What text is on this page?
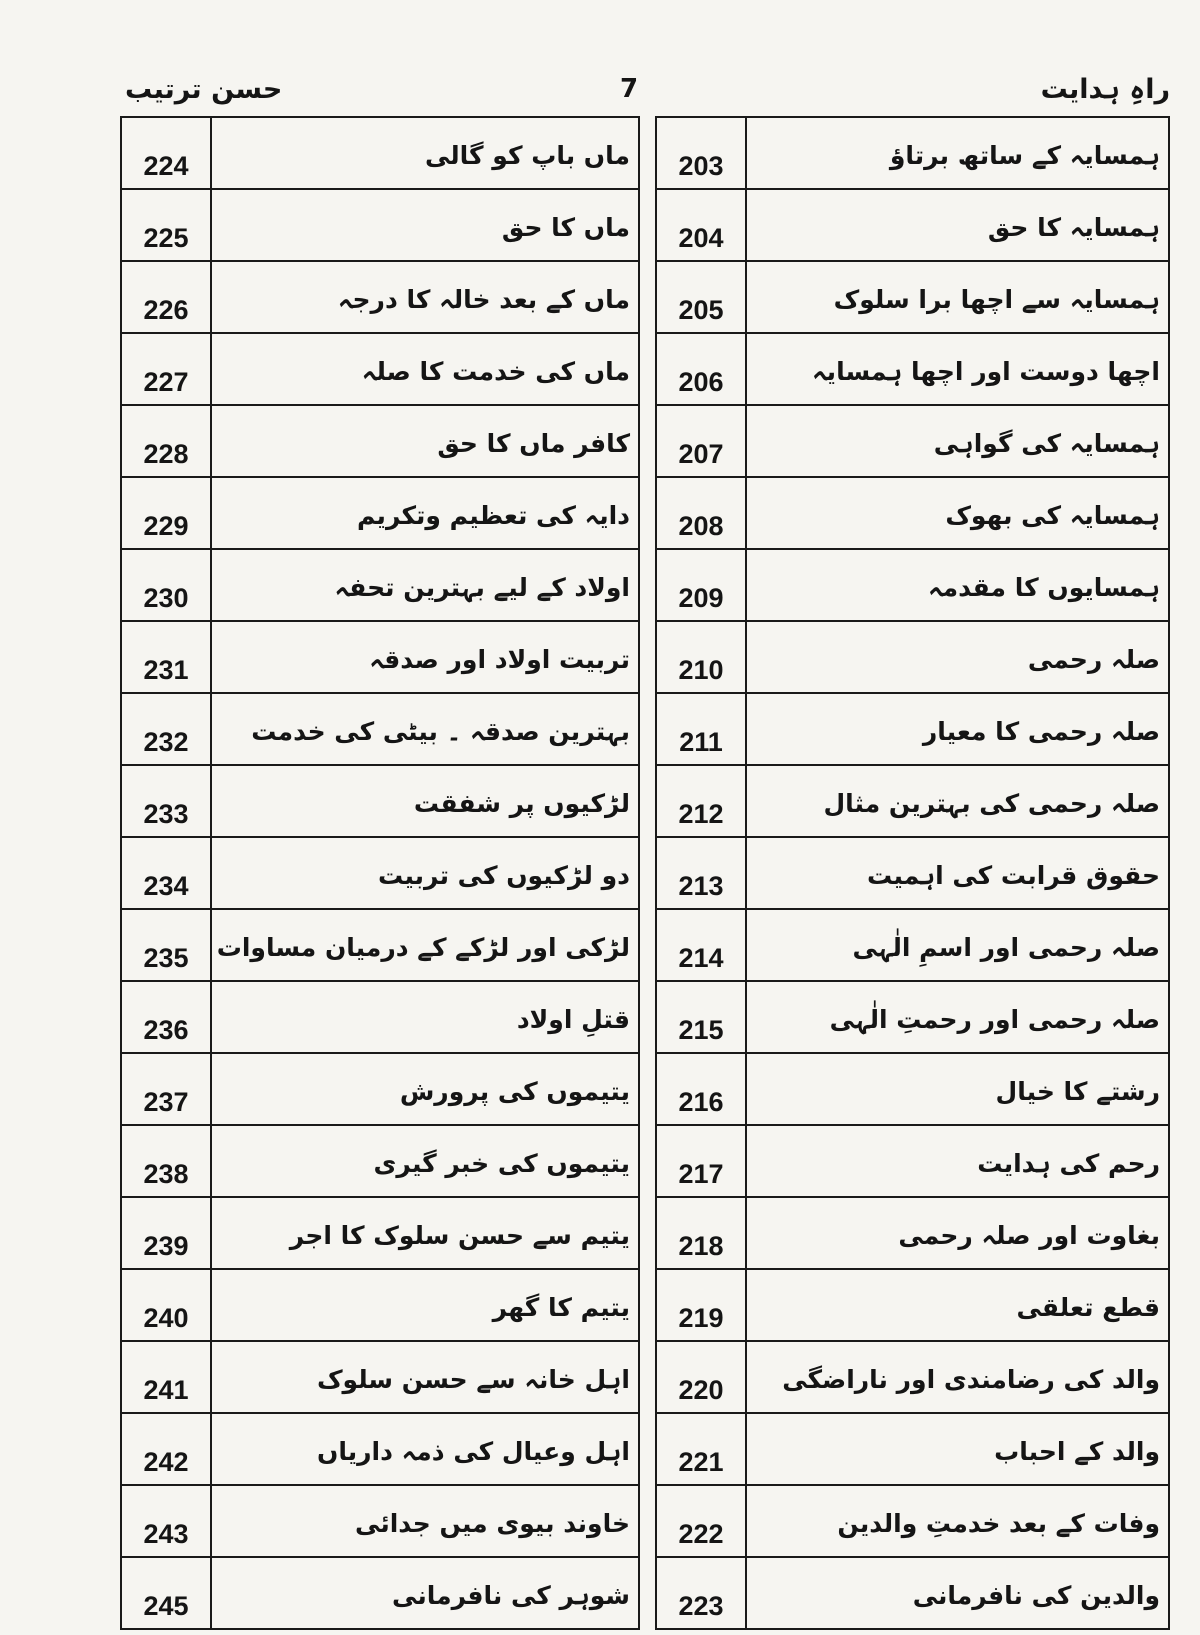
حسن ترتیب	7	راہِ ہدایت
224	ماں باپ کو گالی
225	ماں کا حق
226	ماں کے بعد خالہ کا درجہ
227	ماں کی خدمت کا صلہ
228	کافر ماں کا حق
229	دایہ کی تعظیم وتکریم
230	اولاد کے لیے بہترین تحفہ
231	تربیت اولاد اور صدقہ
232	بہترین صدقہ ۔ بیٹی کی خدمت
233	لڑکیوں پر شفقت
234	دو لڑکیوں کی تربیت
235	لڑکی اور لڑکے کے درمیان مساوات
236	قتلِ اولاد
237	یتیموں کی پرورش
238	یتیموں کی خبر گیری
239	یتیم سے حسن سلوک کا اجر
240	یتیم کا گھر
241	اہل خانہ سے حسن سلوک
242	اہل وعیال کی ذمہ داریاں
243	خاوند بیوی میں جدائی
245	شوہر کی نافرمانی
203	ہمسایہ کے ساتھ برتاؤ
204	ہمسایہ کا حق
205	ہمسایہ سے اچھا برا سلوک
206	اچھا دوست اور اچھا ہمسایہ
207	ہمسایہ کی گواہی
208	ہمسایہ کی بھوک
209	ہمسایوں کا مقدمہ
210	صلہ رحمی
211	صلہ رحمی کا معیار
212	صلہ رحمی کی بہترین مثال
213	حقوق قرابت کی اہمیت
214	صلہ رحمی اور اسمِ الٰہی
215	صلہ رحمی اور رحمتِ الٰہی
216	رشتے کا خیال
217	رحم کی ہدایت
218	بغاوت اور صلہ رحمی
219	قطع تعلقی
220	والد کی رضامندی اور ناراضگی
221	والد کے احباب
222	وفات کے بعد خدمتِ والدین
223	والدین کی نافرمانی
